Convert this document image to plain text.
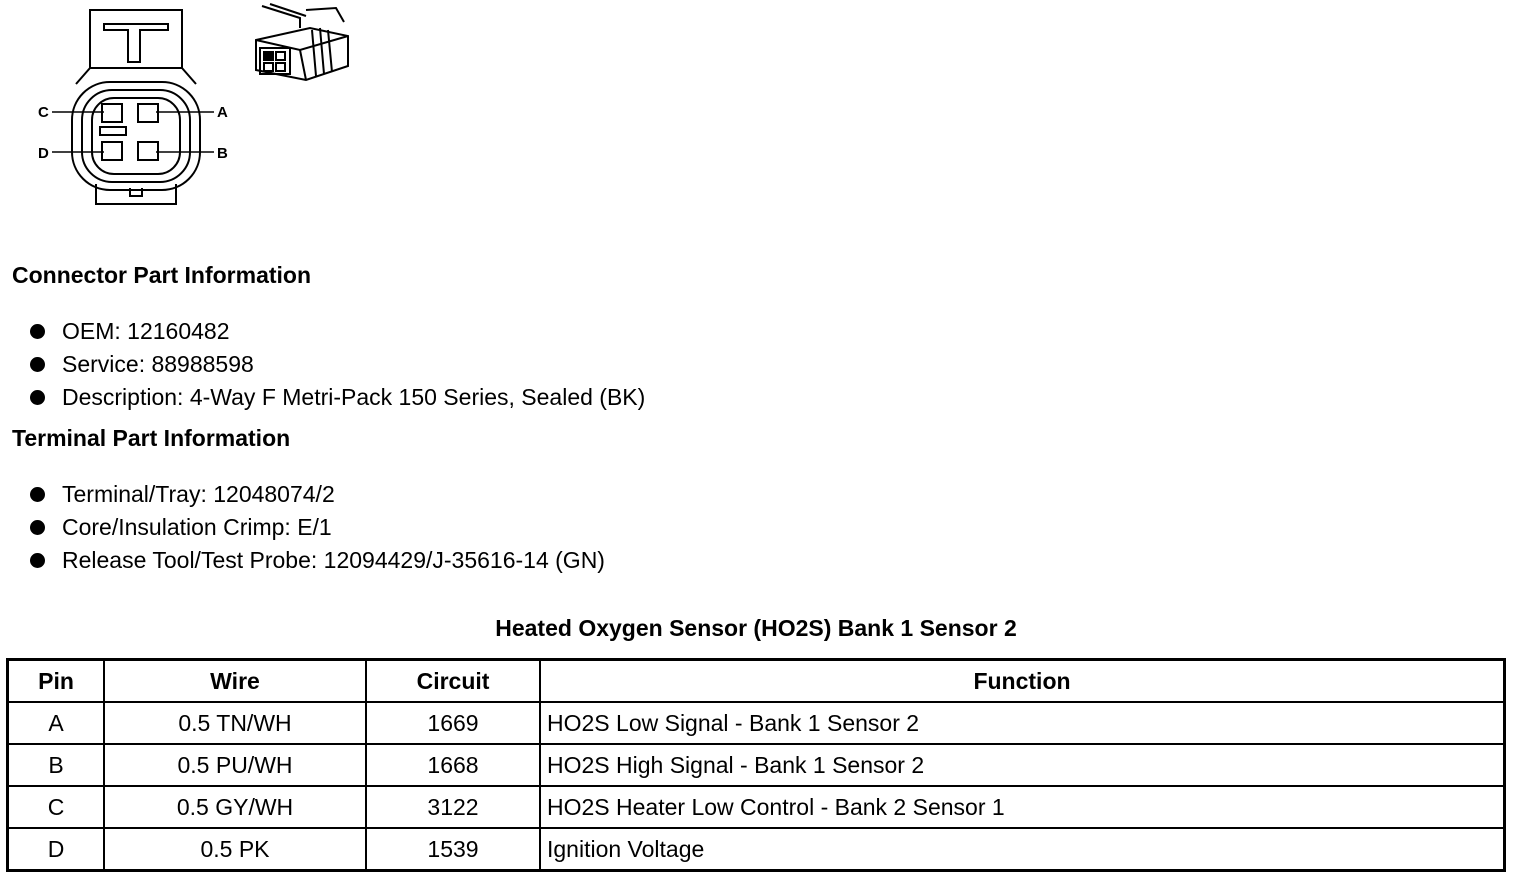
C	A
D	B
Connector Part Information
OEM: 12160482
Service: 88988598
Description: 4-Way F Metri-Pack 150 Series, Sealed (BK)
Terminal Part Information
Terminal/Tray: 12048074/2
Core/Insulation Crimp: E/1
Release Tool/Test Probe: 12094429/J-35616-14 (GN)
Heated Oxygen Sensor (HO2S) Bank 1 Sensor 2
Pin	Wire	Circuit	Function
A	0.5 TN/WH	1669	HO2S Low Signal - Bank 1 Sensor 2
B	0.5 PU/WH	1668	HO2S High Signal - Bank 1 Sensor 2
C	0.5 GY/WH	3122	HO2S Heater Low Control - Bank 2 Sensor 1
D	0.5 PK	1539	Ignition Voltage
